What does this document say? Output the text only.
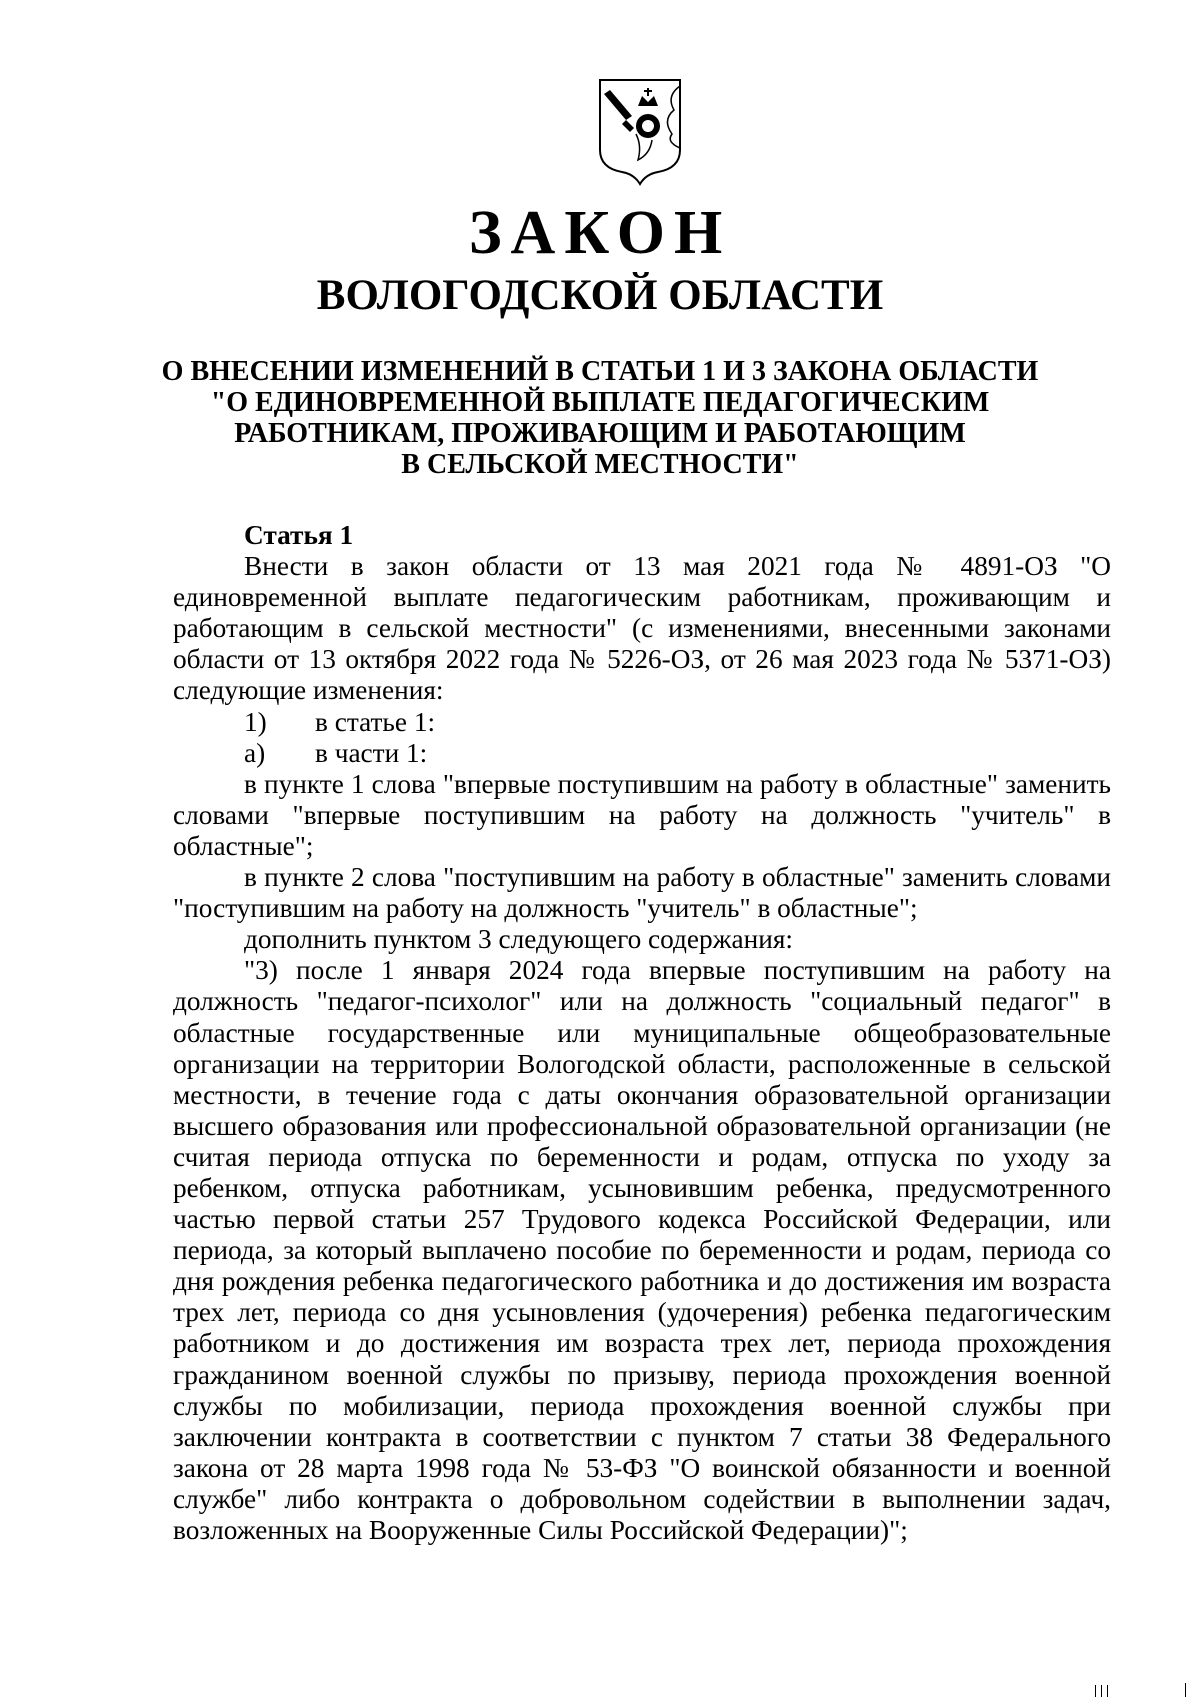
ЗАКОН
ВОЛОГОДСКОЙ ОБЛАСТИ
О ВНЕСЕНИИ ИЗМЕНЕНИЙ В СТАТЬИ 1 И 3 ЗАКОНА ОБЛАСТИ
"О ЕДИНОВРЕМЕННОЙ ВЫПЛАТЕ ПЕДАГОГИЧЕСКИМ
РАБОТНИКАМ, ПРОЖИВАЮЩИМ И РАБОТАЮЩИМ
В СЕЛЬСКОЙ МЕСТНОСТИ"
Статья 1

Внести в закон области от 13 мая 2021 года № 4891-ОЗ "О единовременной выплате педагогическим работникам, проживающим и работающим в сельской местности" (с изменениями, внесенными законами области от 13 октября 2022 года № 5226-ОЗ, от 26 мая 2023 года № 5371-ОЗ) следующие изменения:

1)	в статье 1:
а)	в части 1:

в пункте 1 слова "впервые поступившим на работу в областные" заменить словами "впервые поступившим на работу на должность "учитель" в областные";

в пункте 2 слова "поступившим на работу в областные" заменить словами "поступившим на работу на должность "учитель" в областные";

дополнить пунктом 3 следующего содержания:

"3) после 1 января 2024 года впервые поступившим на работу на должность "педагог-психолог" или на должность "социальный педагог" в областные государственные или муниципальные общеобразовательные организации на территории Вологодской области, расположенные в сельской местности, в течение года с даты окончания образовательной организации высшего образования или профессиональной образовательной организации (не считая периода отпуска по беременности и родам, отпуска по уходу за ребенком, отпуска работникам, усыновившим ребенка, предусмотренного частью первой статьи 257 Трудового кодекса Российской Федерации, или периода, за который выплачено пособие по беременности и родам, периода со дня рождения ребенка педагогического работника и до достижения им возраста трех лет, периода со дня усыновления (удочерения) ребенка педагогическим работником и до достижения им возраста трех лет, периода прохождения гражданином военной службы по призыву, периода прохождения военной службы по мобилизации, периода прохождения военной службы при заключении контракта в соответствии с пунктом 7 статьи 38 Федерального закона от 28 марта 1998 года № 53-ФЗ "О воинской обязанности и военной службе" либо контракта о добровольном содействии в выполнении задач, возложенных на Вооруженные Силы Российской Федерации)";
